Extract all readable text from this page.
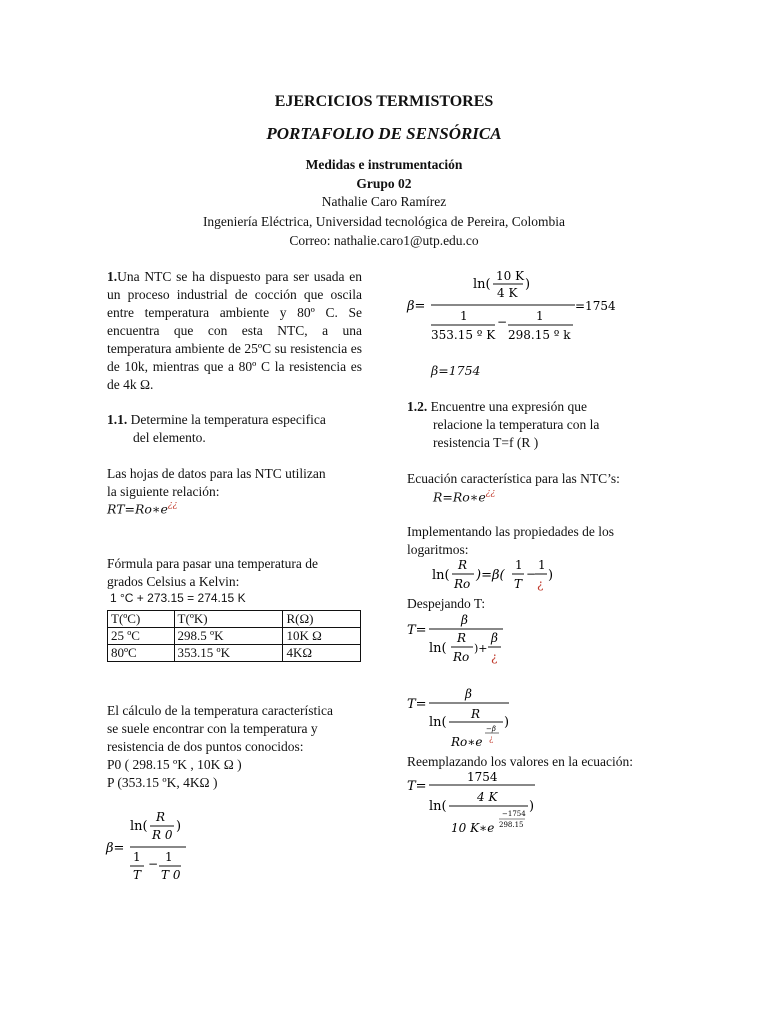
EJERCICIOS TERMISTORES
PORTAFOLIO DE SENSÓRICA
Medidas e instrumentación
Grupo 02
Nathalie Caro Ramírez
Ingeniería Eléctrica, Universidad tecnológica de Pereira, Colombia
Correo: nathalie.caro1@utp.edu.co
1.Una NTC se ha dispuesto para ser usada en un proceso industrial de cocción que oscila entre temperatura ambiente y 80º C. Se encuentra que con esta NTC, a una temperatura ambiente de 25ºC su resistencia es de 10k, mientras que a 80º C la resistencia es de 4k Ω.
1.1. Determine la temperatura especifica
del elemento.
Las hojas de datos para las NTC utilizan
la siguiente relación:
RT=Ro∗e¿¿
Fórmula para pasar una temperatura de
grados Celsius a Kelvin:
1 °C + 273.15 = 274.15 K
T(ºC)	T(ºK)	R(Ω)
25 ºC	298.5 ºK	10K Ω
80ºC	353.15 ºK	4KΩ
El cálculo de la temperatura característica
se suele encontrar con la temperatura y
resistencia de dos puntos conocidos:
P0 ( 298.15 ºK , 10K Ω )
P (353.15 ºK, 4KΩ )
β=
ln(
R
R 0
)
1
T
− 1
T 0
β=
ln(
10 K
4 K
)
1
353.15 º K
− 1
298.15 º k
=1754
β=1754
1.2. Encuentre una expresión que
relacione la temperatura con la
resistencia T=f (R )
Ecuación característica para las NTC’s:
R=Ro∗e¿¿
Implementando las propiedades de los
logaritmos:
ln(
R
Ro
)=β(
1
T
−
1
¿
)
Despejando T:
T=
β
ln(
R
Ro
)+
β
¿
T=
β
ln(
R
Ro∗e
−β
¿
)
Reemplazando los valores en la ecuación:
T=
1754
ln(
4 K
10 K∗e
−1754
298.15
)
